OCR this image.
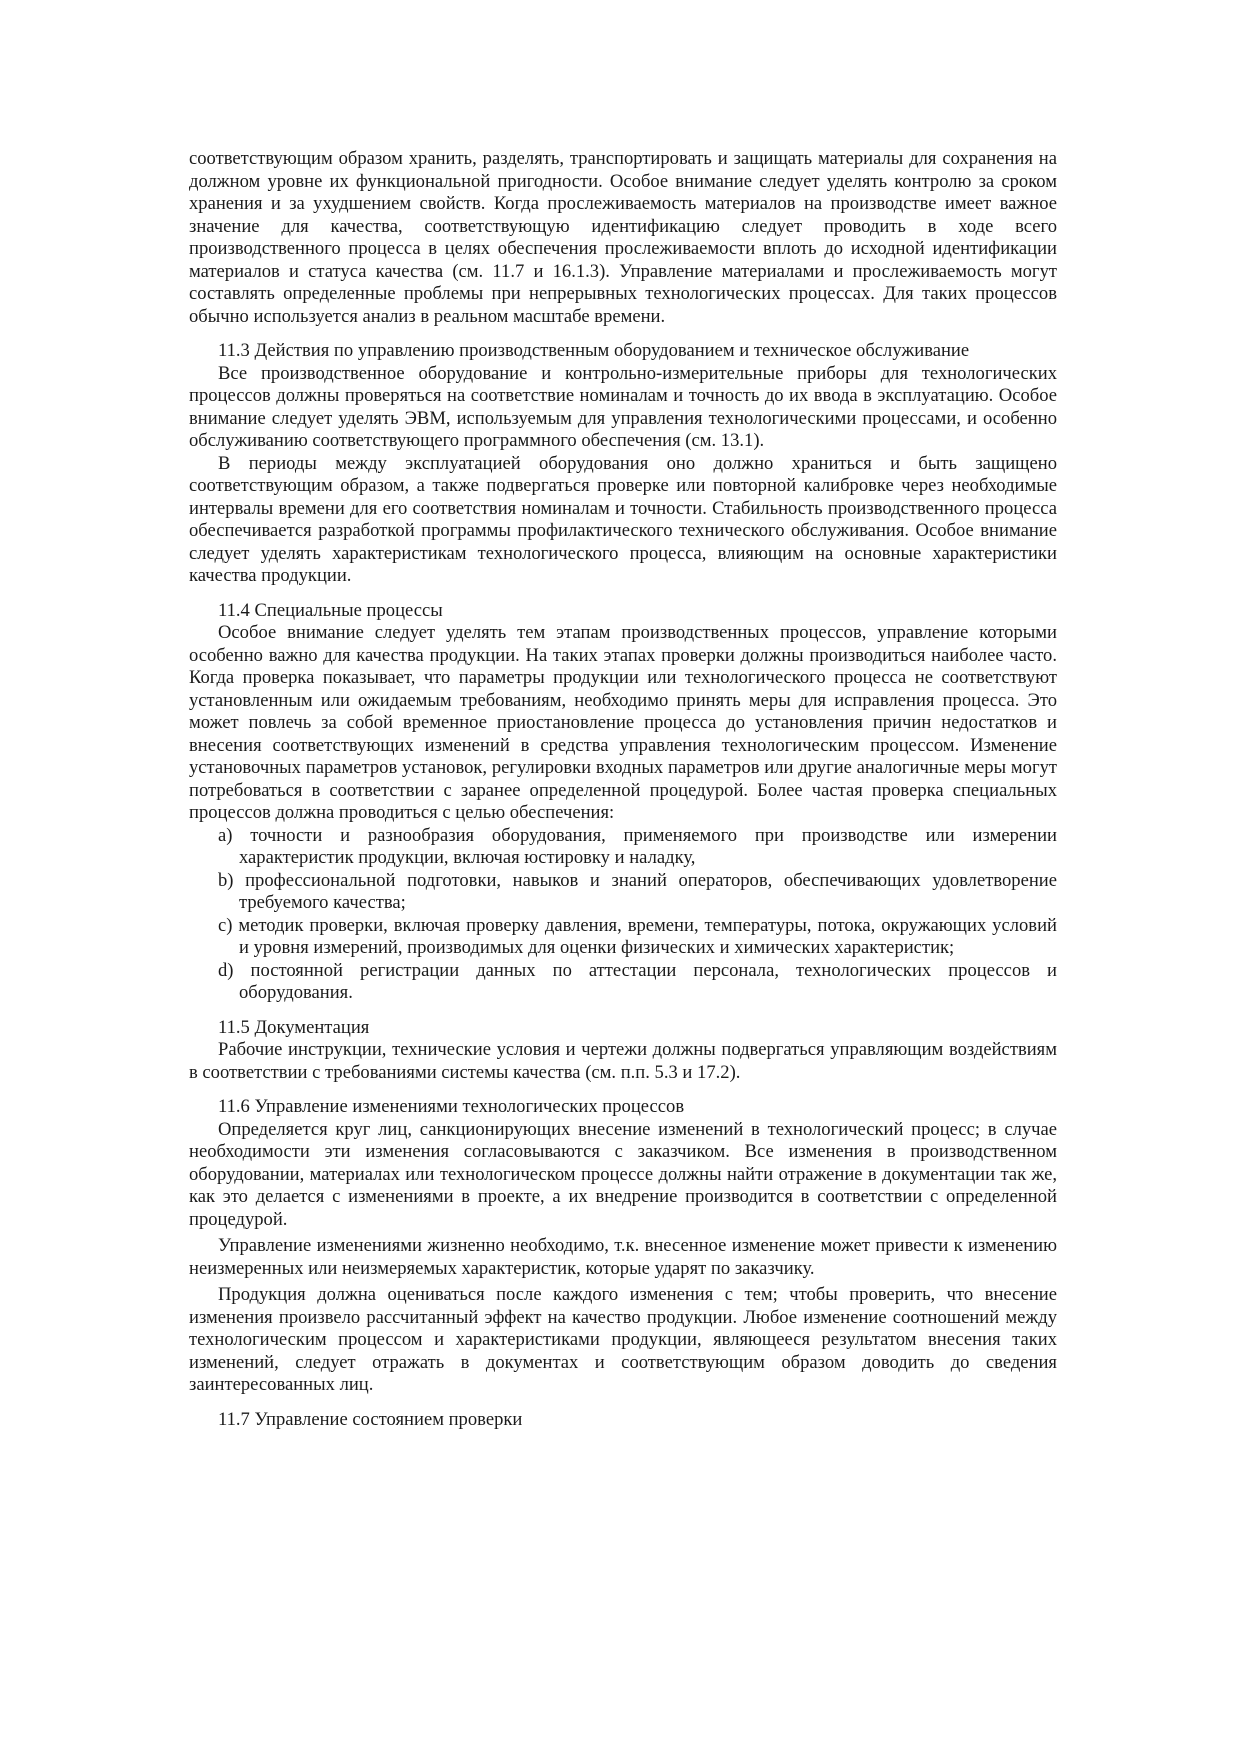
соответствующим образом хранить, разделять, транспортировать и защищать материалы для сохранения на должном уровне их функциональной пригодности. Особое внимание следует уделять контролю за сроком хранения и за ухудшением свойств. Когда прослеживаемость материалов на производстве имеет важное значение для качества, соответствующую идентификацию следует проводить в ходе всего производственного процесса в целях обеспечения прослеживаемости вплоть до исходной идентификации материалов и статуса качества (см. 11.7 и 16.1.3). Управление материалами и прослеживаемость могут составлять определенные проблемы при непрерывных технологических процессах. Для таких процессов обычно используется анализ в реальном масштабе времени.

11.3 Действия по управлению производственным оборудованием и техническое обслуживание

Все производственное оборудование и контрольно-измерительные приборы для технологических процессов должны проверяться на соответствие номиналам и точность до их ввода в эксплуатацию. Особое внимание следует уделять ЭВМ, используемым для управления технологическими процессами, и особенно обслуживанию соответствующего программного обеспечения (см. 13.1).

В периоды между эксплуатацией оборудования оно должно храниться и быть защищено соответствующим образом, а также подвергаться проверке или повторной калибровке через необходимые интервалы времени для его соответствия номиналам и точности. Стабильность производственного процесса обеспечивается разработкой программы профилактического технического обслуживания. Особое внимание следует уделять характеристикам технологического процесса, влияющим на основные характеристики качества продукции.

11.4 Специальные процессы

Особое внимание следует уделять тем этапам производственных процессов, управление которыми особенно важно для качества продукции. На таких этапах проверки должны производиться наиболее часто. Когда проверка показывает, что параметры продукции или технологического процесса не соответствуют установленным или ожидаемым требованиям, необходимо принять меры для исправления процесса. Это может повлечь за собой временное приостановление процесса до установления причин недостатков и внесения соответствующих изменений в средства управления технологическим процессом. Изменение установочных параметров установок, регулировки входных параметров или другие аналогичные меры могут потребоваться в соответствии с заранее определенной процедурой. Более частая проверка специальных процессов должна проводиться с целью обеспечения:

a) точности и разнообразия оборудования, применяемого при производстве или измерении характеристик продукции, включая юстировку и наладку,
b) профессиональной подготовки, навыков и знаний операторов, обеспечивающих удовлетворение требуемого качества;
c) методик проверки, включая проверку давления, времени, температуры, потока, окружающих условий и уровня измерений, производимых для оценки физических и химических характеристик;
d) постоянной регистрации данных по аттестации персонала, технологических процессов и оборудования.

11.5 Документация

Рабочие инструкции, технические условия и чертежи должны подвергаться управляющим воздействиям в соответствии с требованиями системы качества (см. п.п. 5.3 и 17.2).

11.6 Управление изменениями технологических процессов

Определяется круг лиц, санкционирующих внесение изменений в технологический процесс; в случае необходимости эти изменения согласовываются с заказчиком. Все изменения в производственном оборудовании, материалах или технологическом процессе должны найти отражение в документации так же, как это делается с изменениями в проекте, а их внедрение производится в соответствии с определенной процедурой.

Управление изменениями жизненно необходимо, т.к. внесенное изменение может привести к изменению неизмеренных или неизмеряемых характеристик, которые ударят по заказчику.

Продукция должна оцениваться после каждого изменения с тем; чтобы проверить, что внесение изменения произвело рассчитанный эффект на качество продукции. Любое изменение соотношений между технологическим процессом и характеристиками продукции, являющееся результатом внесения таких изменений, следует отражать в документах и соответствующим образом доводить до сведения заинтересованных лиц.

11.7 Управление состоянием проверки
